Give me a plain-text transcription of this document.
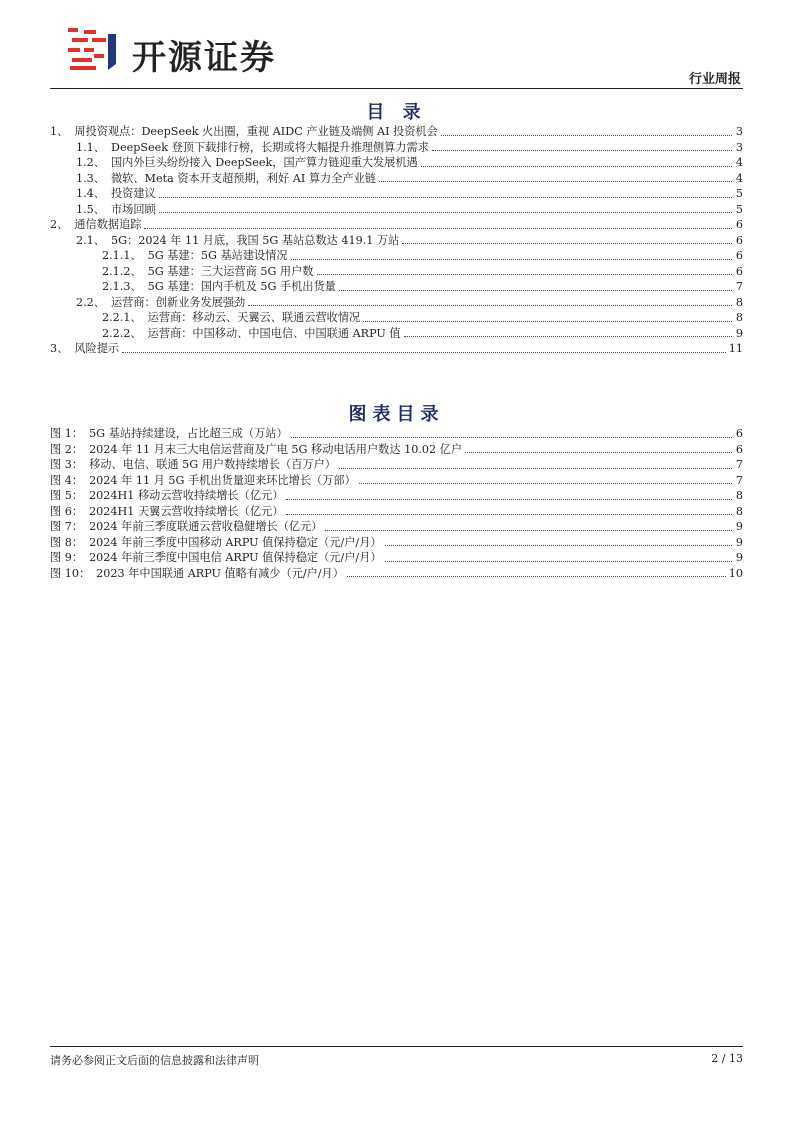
开源证券
行业周报
目 录
1、 周投资观点：DeepSeek 火出圈，重视 AIDC 产业链及端侧 AI 投资机会	3
1.1、 DeepSeek 登顶下载排行榜，长期或将大幅提升推理侧算力需求	3
1.2、 国内外巨头纷纷接入 DeepSeek，国产算力链迎重大发展机遇	4
1.3、 微软、Meta 资本开支超预期，利好 AI 算力全产业链	4
1.4、 投资建议	5
1.5、 市场回顾	5
2、 通信数据追踪	6
2.1、 5G：2024 年 11 月底，我国 5G 基站总数达 419.1 万站	6
2.1.1、 5G 基建：5G 基站建设情况	6
2.1.2、 5G 基建：三大运营商 5G 用户数	6
2.1.3、 5G 基建：国内手机及 5G 手机出货量	7
2.2、 运营商：创新业务发展强劲	8
2.2.1、 运营商：移动云、天翼云、联通云营收情况	8
2.2.2、 运营商：中国移动、中国电信、中国联通 ARPU 值	9
3、 风险提示	11
图表目录
图 1： 5G 基站持续建设，占比超三成（万站）	6
图 2： 2024 年 11 月末三大电信运营商及广电 5G 移动电话用户数达 10.02 亿户	6
图 3： 移动、电信、联通 5G 用户数持续增长（百万户）	7
图 4： 2024 年 11 月 5G 手机出货量迎来环比增长（万部）	7
图 5： 2024H1 移动云营收持续增长（亿元）	8
图 6： 2024H1 天翼云营收持续增长（亿元）	8
图 7： 2024 年前三季度联通云营收稳健增长（亿元）	9
图 8： 2024 年前三季度中国移动 ARPU 值保持稳定（元/户/月）	9
图 9： 2024 年前三季度中国电信 ARPU 值保持稳定（元/户/月）	9
图 10： 2023 年中国联通 ARPU 值略有减少（元/户/月）	10
请务必参阅正文后面的信息披露和法律声明	2 / 13
